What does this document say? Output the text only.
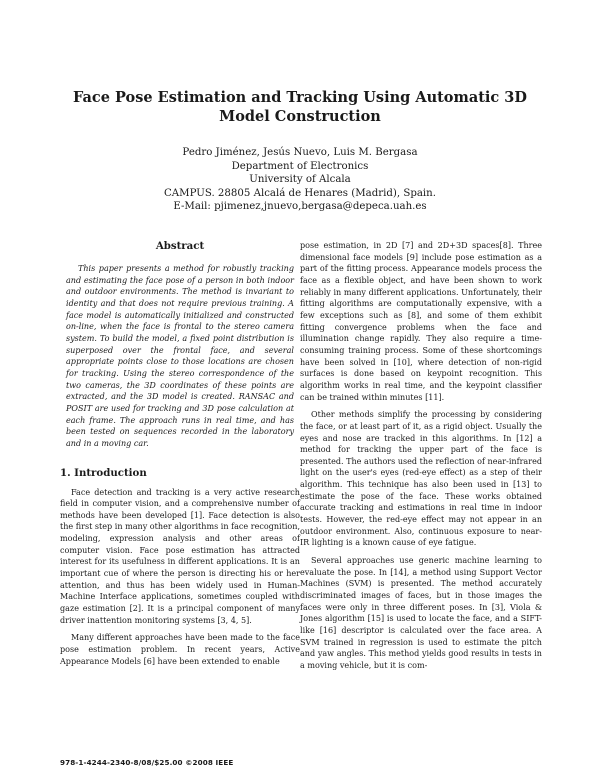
Face Pose Estimation and Tracking Using Automatic 3D Model Construction
Pedro Jiménez, Jesús Nuevo, Luis M. Bergasa
Department of Electronics
University of Alcala
CAMPUS. 28805 Alcalá de Henares (Madrid), Spain.
E-Mail: pjimenez,jnuevo,bergasa@depeca.uah.es
Abstract

This paper presents a method for robustly tracking and estimating the face pose of a person in both indoor and outdoor environments. The method is invariant to identity and that does not require previous training. A face model is automatically initialized and constructed on-line, when the face is frontal to the stereo camera system. To build the model, a fixed point distribution is superposed over the frontal face, and several appropriate points close to those locations are chosen for tracking. Using the stereo correspondence of the two cameras, the 3D coordinates of these points are extracted, and the 3D model is created. RANSAC and POSIT are used for tracking and 3D pose calculation at each frame. The approach runs in real time, and has been tested on sequences recorded in the laboratory and in a moving car.

1. Introduction

Face detection and tracking is a very active research field in computer vision, and a comprehensive number of methods have been developed [1]. Face detection is also the first step in many other algorithms in face recognition, modeling, expression analysis and other areas of computer vision. Face pose estimation has attracted interest for its usefulness in different applications. It is an important cue of where the person is directing his or her attention, and thus has been widely used in Human-Machine Interface applications, sometimes coupled with gaze estimation [2]. It is a principal component of many driver inattention monitoring systems [3, 4, 5].

Many different approaches have been made to the face pose estimation problem. In recent years, Active Appearance Models [6] have been extended to enable

pose estimation, in 2D [7] and 2D+3D spaces[8]. Three dimensional face models [9] include pose estimation as a part of the fitting process. Appearance models process the face as a flexible object, and have been shown to work reliably in many different applications. Unfortunately, their fitting algorithms are computationally expensive, with a few exceptions such as [8], and some of them exhibit fitting convergence problems when the face and illumination change rapidly. They also require a time-consuming training process. Some of these shortcomings have been solved in [10], where detection of non-rigid surfaces is done based on keypoint recognition. This algorithm works in real time, and the keypoint classifier can be trained within minutes [11].

Other methods simplify the processing by considering the face, or at least part of it, as a rigid object. Usually the eyes and nose are tracked in this algorithms. In [12] a method for tracking the upper part of the face is presented. The authors used the reflection of near-infrared light on the user's eyes (red-eye effect) as a step of their algorithm. This technique has also been used in [13] to estimate the pose of the face. These works obtained accurate tracking and estimations in real time in indoor tests. However, the red-eye effect may not appear in an outdoor environment. Also, continuous exposure to near-IR lighting is a known cause of eye fatigue.

Several approaches use generic machine learning to evaluate the pose. In [14], a method using Support Vector Machines (SVM) is presented. The method accurately discriminated images of faces, but in those images the faces were only in three different poses. In [3], Viola & Jones algorithm [15] is used to locate the face, and a SIFT-like [16] descriptor is calculated over the face area. A SVM trained in regression is used to estimate the pitch and yaw angles. This method yields good results in tests in a moving vehicle, but it is com-

978-1-4244-2340-8/08/$25.00 ©2008 IEEE
